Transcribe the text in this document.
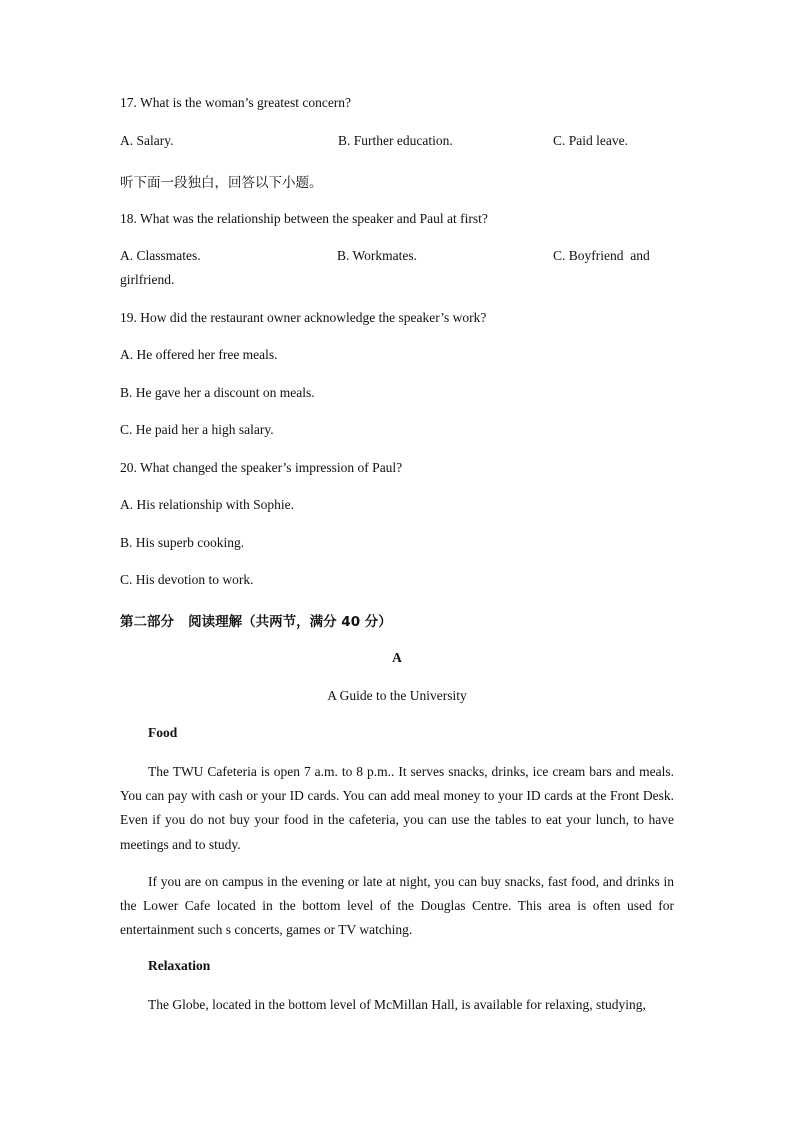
17. What is the woman’s greatest concern?
A. Salary.	B. Further education.	C. Paid leave.
听下面一段独白，回答以下小题。
18. What was the relationship between the speaker and Paul at first?
A. Classmates.	B. Workmates.	C. Boyfriend  and
girlfriend.
19. How did the restaurant owner acknowledge the speaker’s work?
A. He offered her free meals.
B. He gave her a discount on meals.
C. He paid her a high salary.
20. What changed the speaker’s impression of Paul?
A. His relationship with Sophie.
B. His superb cooking.
C. His devotion to work.
第二部分   阅读理解（共两节，满分 40 分）
A
A Guide to the University
Food
The TWU Cafeteria is open 7 a.m. to 8 p.m.. It serves snacks, drinks, ice cream bars and meals. You can pay with cash or your ID cards. You can add meal money to your ID cards at the Front Desk. Even if you do not buy your food in the cafeteria, you can use the tables to eat your lunch, to have meetings and to study.
If you are on campus in the evening or late at night, you can buy snacks, fast food, and drinks in the Lower Cafe located in the bottom level of the Douglas Centre. This area is often used for entertainment such s concerts, games or TV watching.
Relaxation
The Globe, located in the bottom level of McMillan Hall, is available for relaxing, studying,
